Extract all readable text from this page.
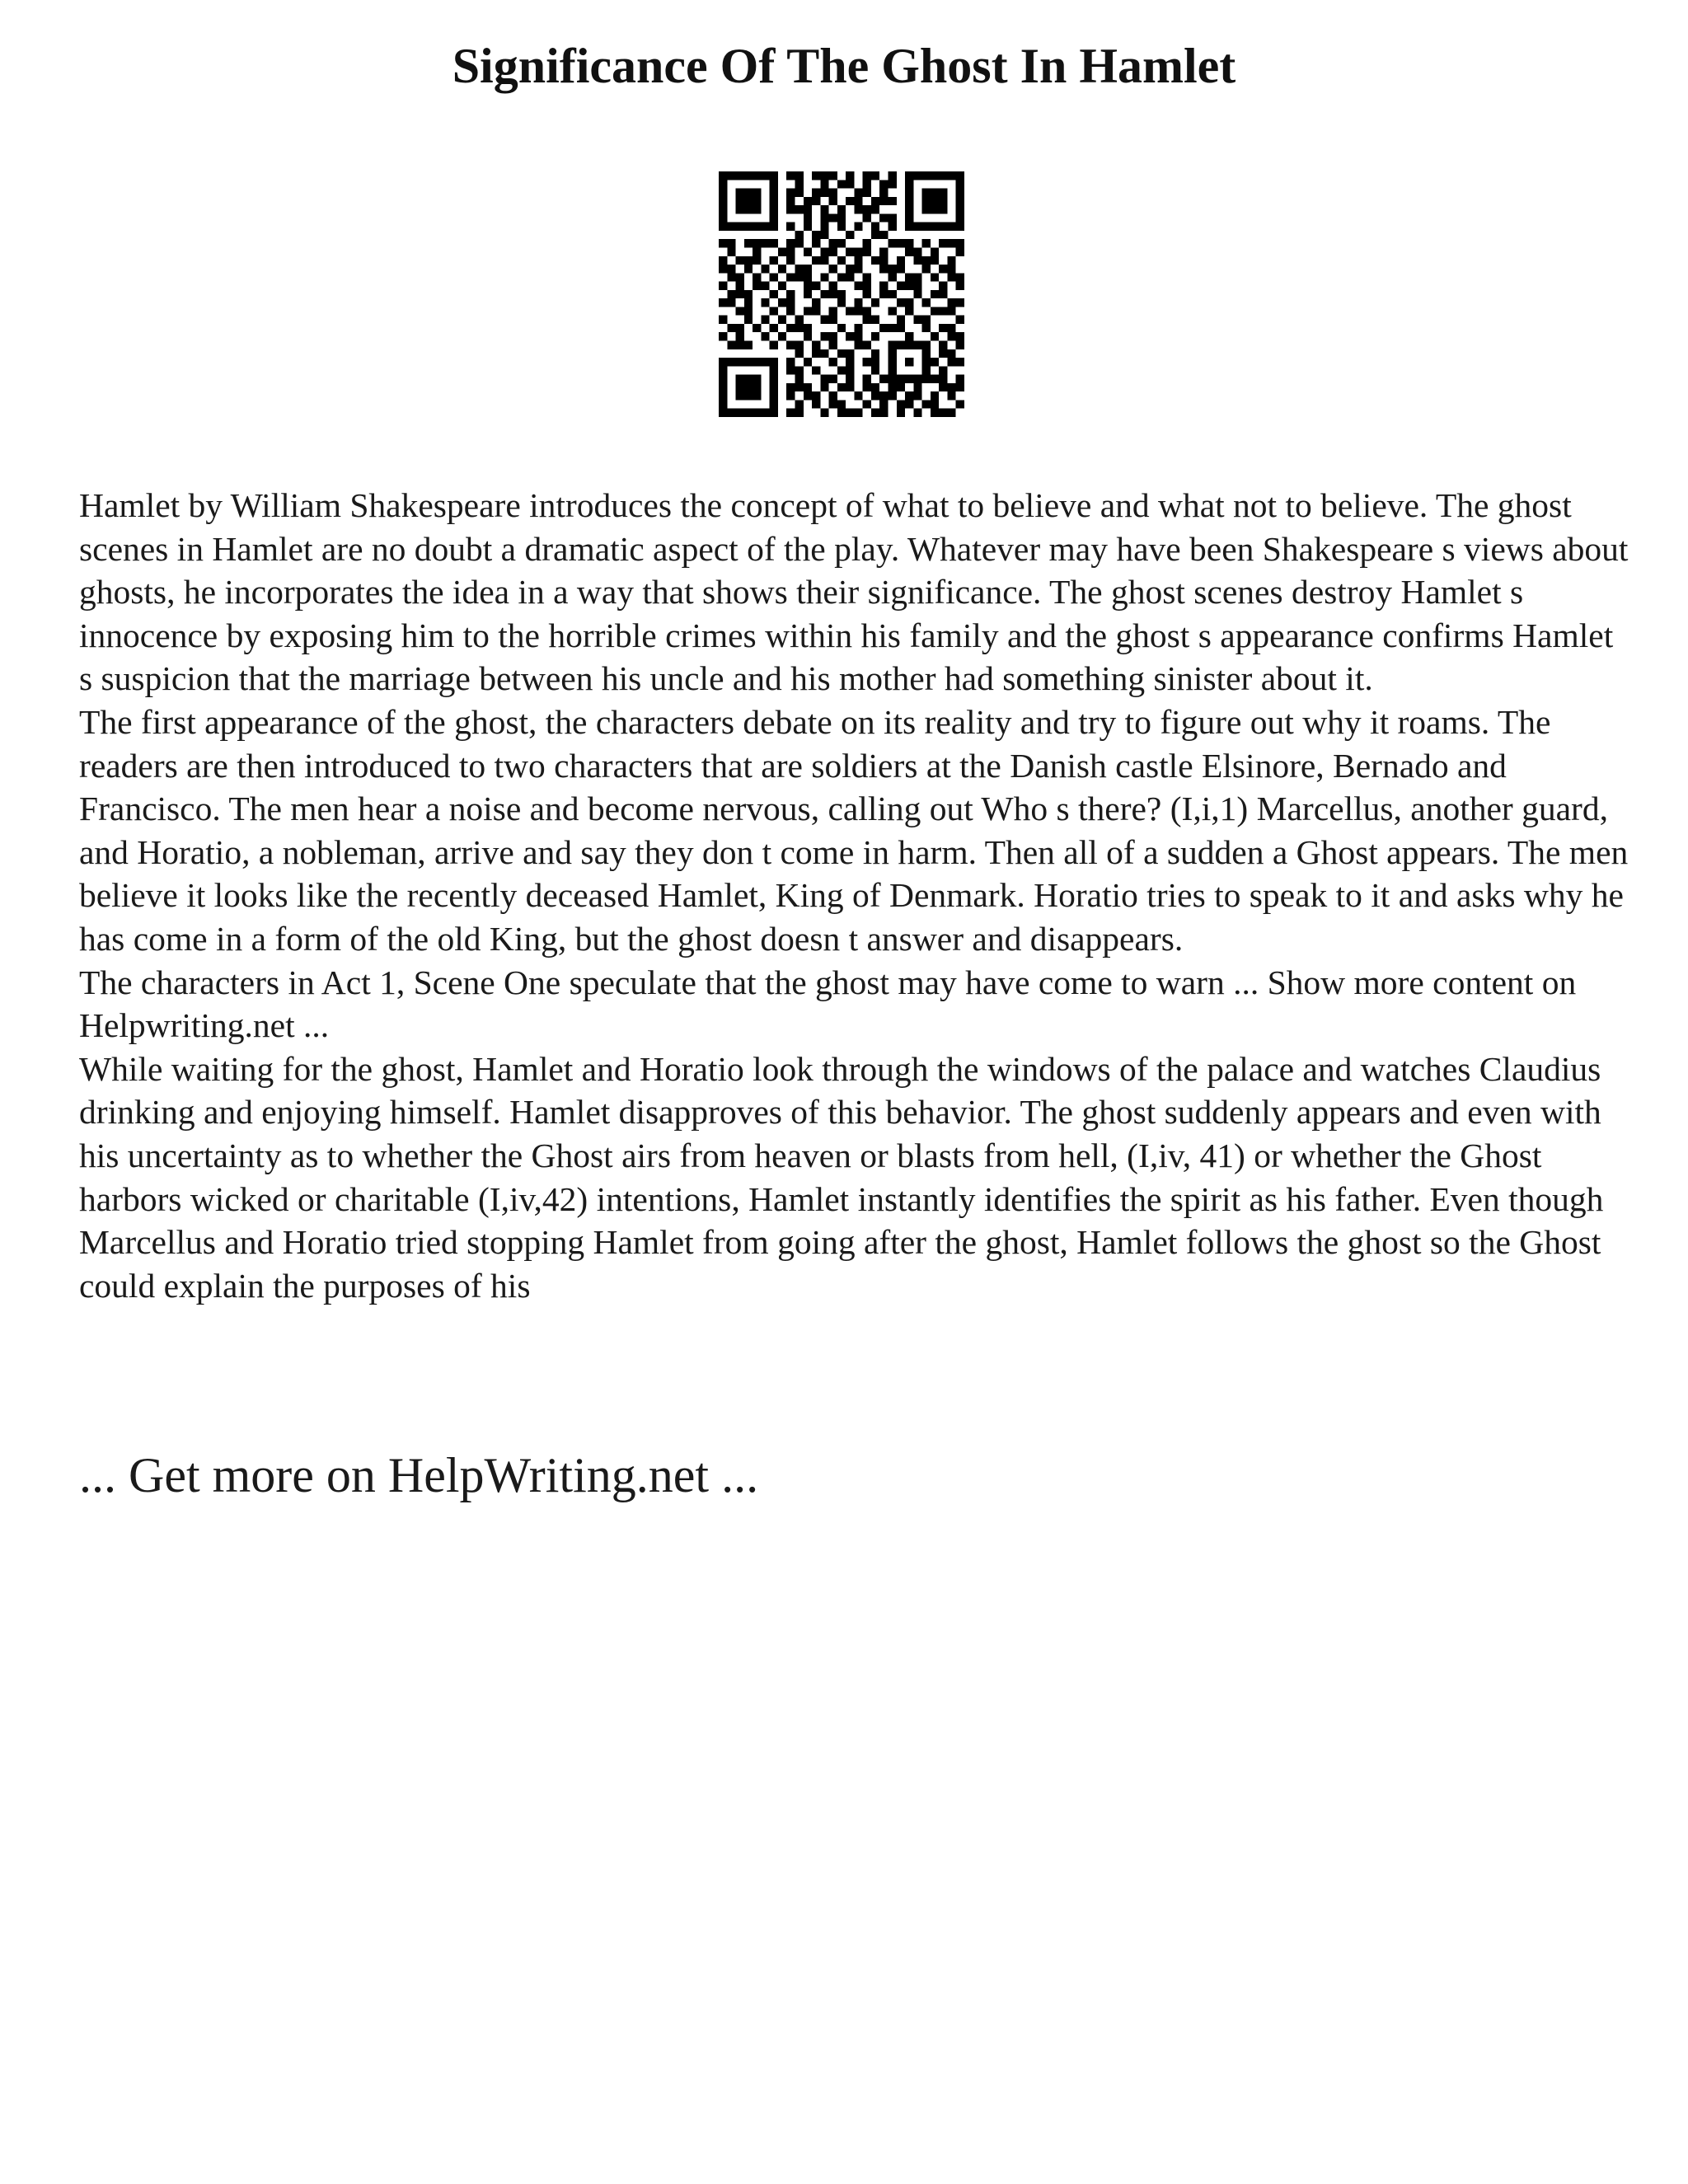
Significance Of The Ghost In Hamlet

Hamlet by William Shakespeare introduces the concept of what to believe and what not to believe. The ghost scenes in Hamlet are no doubt a dramatic aspect of the play. Whatever may have been Shakespeare s views about ghosts, he incorporates the idea in a way that shows their significance. The ghost scenes destroy Hamlet s innocence by exposing him to the horrible crimes within his family and the ghost s appearance confirms Hamlet s suspicion that the marriage between his uncle and his mother had something sinister about it.

The first appearance of the ghost, the characters debate on its reality and try to figure out why it roams. The readers are then introduced to two characters that are soldiers at the Danish castle Elsinore, Bernado and Francisco. The men hear a noise and become nervous, calling out Who s there? (I,i,1) Marcellus, another guard, and Horatio, a nobleman, arrive and say they don t come in harm. Then all of a sudden a Ghost appears. The men believe it looks like the recently deceased Hamlet, King of Denmark. Horatio tries to speak to it and asks why he has come in a form of the old King, but the ghost doesn t answer and disappears.

The characters in Act 1, Scene One speculate that the ghost may have come to warn ... Show more content on Helpwriting.net ...

While waiting for the ghost, Hamlet and Horatio look through the windows of the palace and watches Claudius drinking and enjoying himself. Hamlet disapproves of this behavior. The ghost suddenly appears and even with his uncertainty as to whether the Ghost airs from heaven or blasts from hell, (I,iv, 41) or whether the Ghost harbors wicked or charitable (I,iv,42) intentions, Hamlet instantly identifies the spirit as his father. Even though Marcellus and Horatio tried stopping Hamlet from going after the ghost, Hamlet follows the ghost so the Ghost could explain the purposes of his

... Get more on HelpWriting.net ...
